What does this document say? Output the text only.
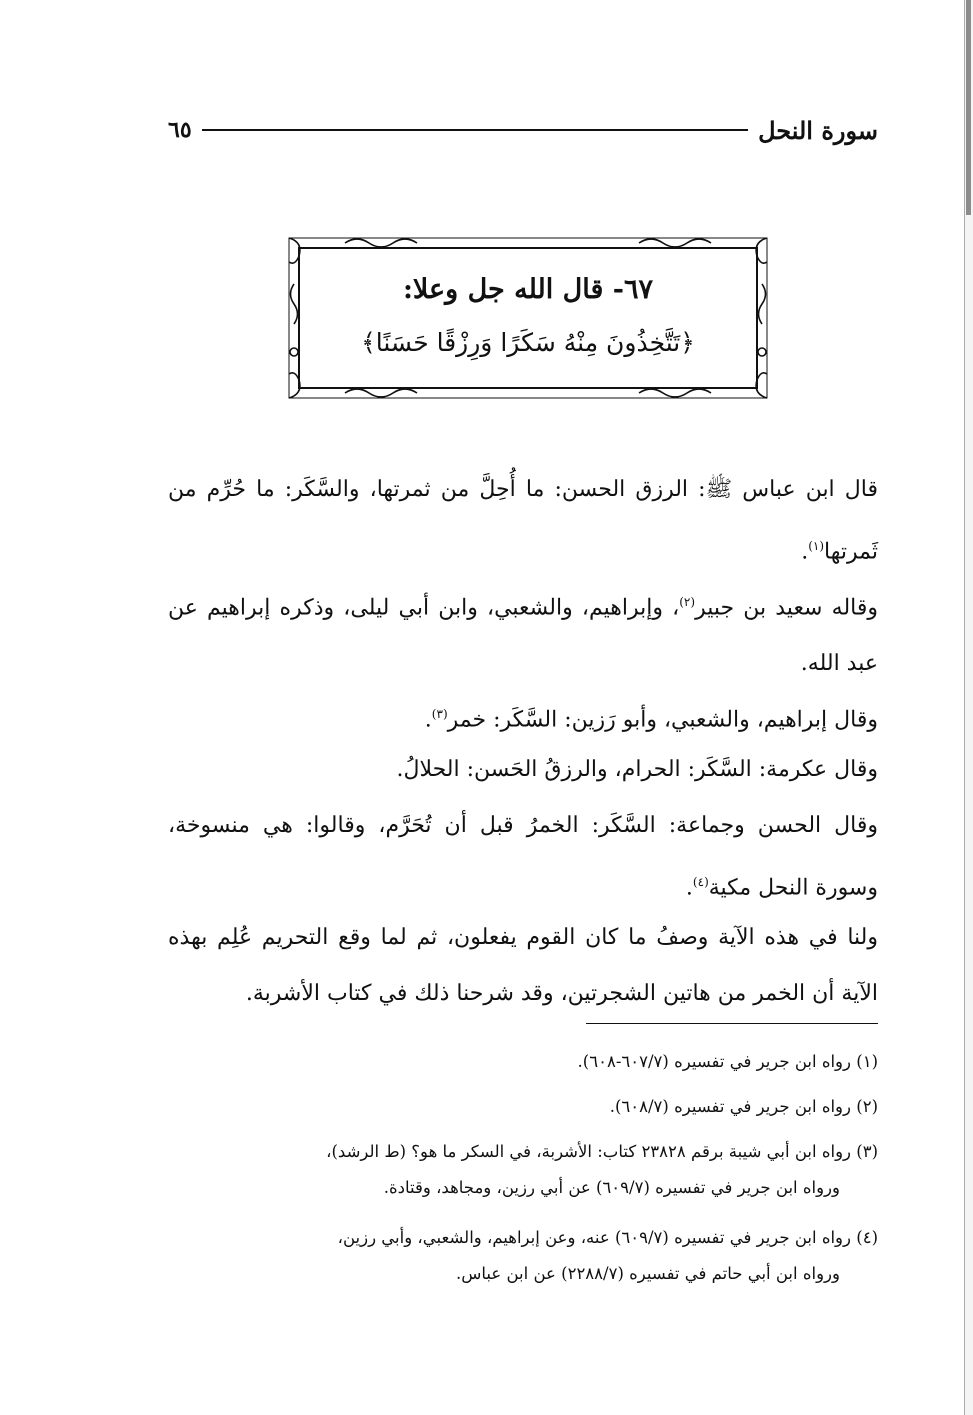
سورة النحل
٦٥
٦٧- قال الله جل وعلا:
﴿تَتَّخِذُونَ مِنْهُ سَكَرًا وَرِزْقًا حَسَنًا﴾

قال ابن عباس ﷺ: الرزق الحسن: ما أُحِلَّ من ثمرتها، والسَّكَر: ما حُرِّم من ثَمرتها$^{(١)}$.

وقاله سعيد بن جبير$^{(٢)}$، وإبراهيم، والشعبي، وابن أبي ليلى، وذكره إبراهيم عن عبد الله.

وقال إبراهيم، والشعبي، وأبو رَزين: السَّكَر: خمر$^{(٣)}$.

وقال عكرمة: السَّكَر: الحرام، والرزقُ الحَسن: الحلالُ.

وقال الحسن وجماعة: السَّكَر: الخمرُ قبل أن تُحَرَّم، وقالوا: هي منسوخة، وسورة النحل مكية$^{(٤)}$.

ولنا في هذه الآية وصفُ ما كان القوم يفعلون، ثم لما وقع التحريم عُلِم بهذه الآية أن الخمر من هاتين الشجرتين، وقد شرحنا ذلك في كتاب الأشربة.

(١) رواه ابن جرير في تفسيره (٦٠٧/٧-٦٠٨).

(٢) رواه ابن جرير في تفسيره (٦٠٨/٧).

(٣) رواه ابن أبي شيبة برقم ٢٣٨٢٨ كتاب: الأشربة، في السكر ما هو؟ (ط الرشد)،
ورواه ابن جرير في تفسيره (٦٠٩/٧) عن أبي رزين، ومجاهد، وقتادة.
(٤) رواه ابن جرير في تفسيره (٦٠٩/٧) عنه، وعن إبراهيم، والشعبي، وأبي رزين،
ورواه ابن أبي حاتم في تفسيره (٢٢٨٨/٧) عن ابن عباس.
